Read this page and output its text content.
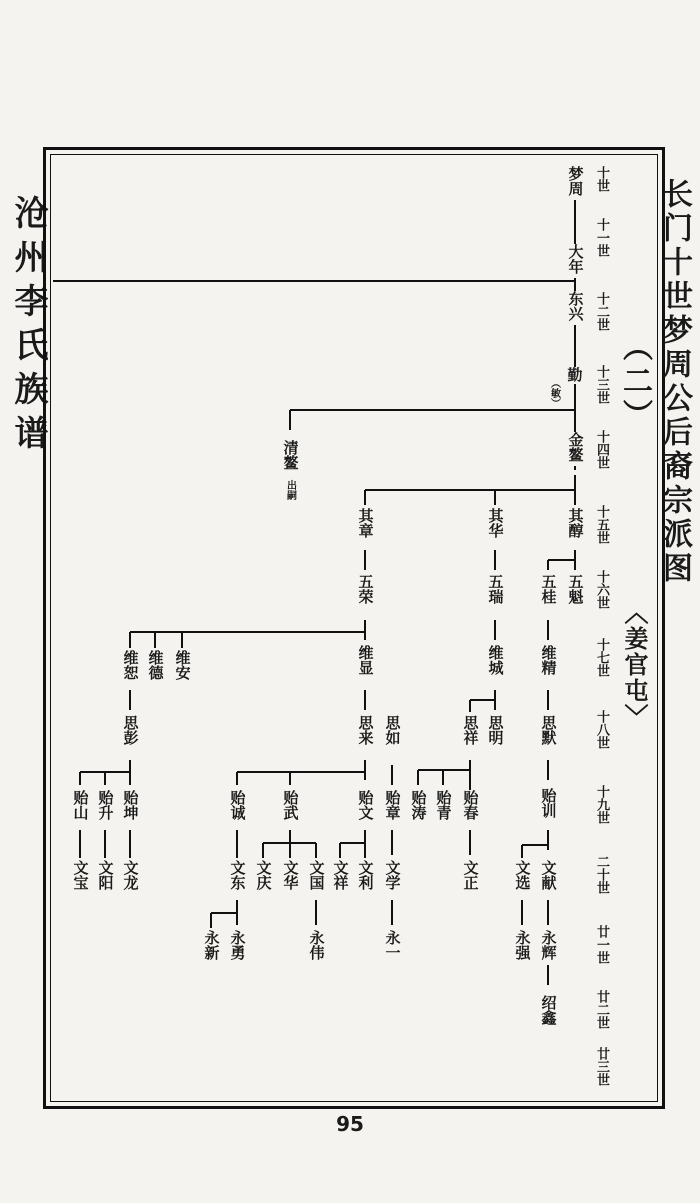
沧州李氏族谱	长门十世梦周公后裔宗派图（二）
〈姜官屯〉
十世
十一世
十二世
十三世
十四世
十五世
十六世
十七世
十八世
十九世
二十世
廿一世
廿二世
廿三世
梦周
大年
东兴
勤
（敏）
金鳌
清鳌
出嗣
其醇
其华
其章
五魁
五桂
五瑞
五荣
维精
维城
维显
维安
维德
维恕
思默
思明
思祥
思如
思来
思彭
贻训
贻春
贻青
贻涛
贻章
贻文
贻武
贻诚
贻坤
贻升
贻山
文献
文选
文正
文学
文利
文祥
文国
文华
文庆
文东
文龙
文阳
文宝
永辉
永强
永一
永伟
永勇
永新
绍鑫
95
